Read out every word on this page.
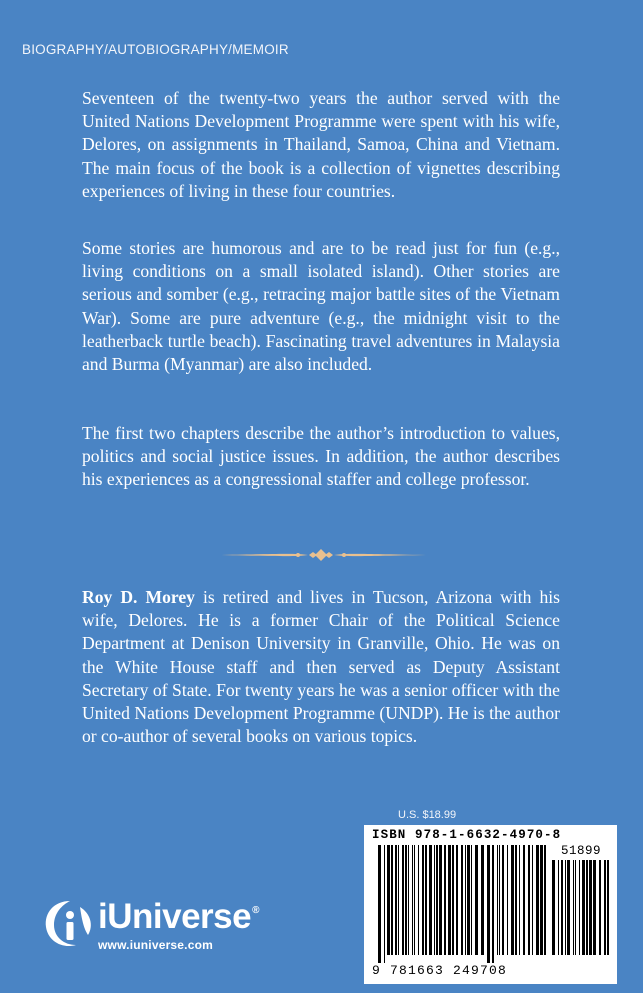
BIOGRAPHY/AUTOBIOGRAPHY/MEMOIR

Seventeen of the twenty-two years the author served with the United Nations Development Programme were spent with his wife, Delores, on assignments in Thailand, Samoa, China and Vietnam. The main focus of the book is a collection of vignettes describing experiences of living in these four countries.

Some stories are humorous and are to be read just for fun (e.g., living conditions on a small isolated island). Other stories are serious and somber (e.g., retracing major battle sites of the Vietnam War). Some are pure adventure (e.g., the midnight visit to the leatherback turtle beach). Fascinating travel adventures in Malaysia and Burma (Myanmar) are also included.

The first two chapters describe the author’s introduction to values, politics and social justice issues. In addition, the author describes his experiences as a congressional staffer and college professor.

Roy D. Morey is retired and lives in Tucson, Arizona with his wife, Delores. He is a former Chair of the Political Science Department at Denison University in Granville, Ohio. He was on the White House staff and then served as Deputy Assistant Secretary of State. For twenty years he was a senior officer with the United Nations Development Programme (UNDP). He is the author or co-author of several books on various topics.

U.S. $18.99
ISBN 978-1-6632-4970-8
51899
9 781663 249708
iUniverse®
www.iuniverse.com
